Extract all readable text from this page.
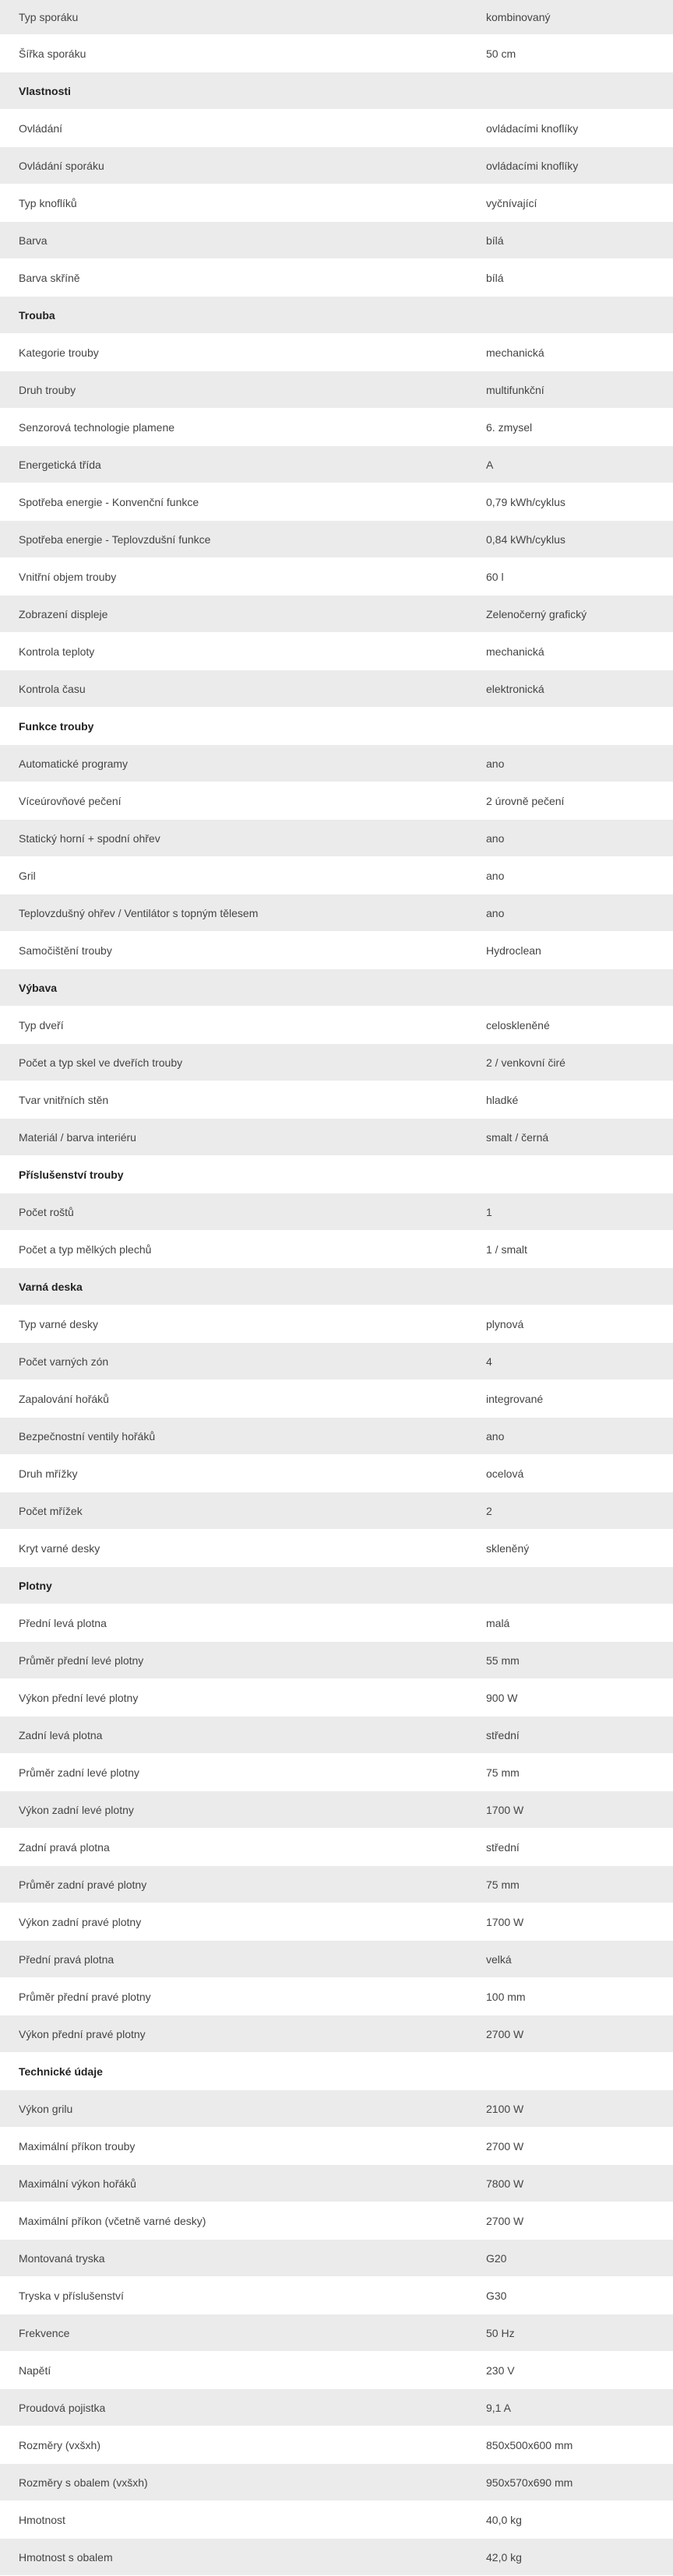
Typ sporáku	kombinovaný
Šířka sporáku	50 cm
Vlastnosti	
Ovládání	ovládacími knoflíky
Ovládání sporáku	ovládacími knoflíky
Typ knoflíků	vyčnívající
Barva	bílá
Barva skříně	bílá
Trouba	
Kategorie trouby	mechanická
Druh trouby	multifunkční
Senzorová technologie plamene	6. zmysel
Energetická třída	A
Spotřeba energie - Konvenční funkce	0,79 kWh/cyklus
Spotřeba energie - Teplovzdušní funkce	0,84 kWh/cyklus
Vnitřní objem trouby	60 l
Zobrazení displeje	Zelenočerný grafický
Kontrola teploty	mechanická
Kontrola času	elektronická
Funkce trouby	
Automatické programy	ano
Víceúrovňové pečení	2 úrovně pečení
Statický horní + spodní ohřev	ano
Gril	ano
Teplovzdušný ohřev / Ventilátor s topným tělesem	ano
Samočištění trouby	Hydroclean
Výbava	
Typ dveří	celoskleněné
Počet a typ skel ve dveřích trouby	2 / venkovní čiré
Tvar vnitřních stěn	hladké
Materiál / barva interiéru	smalt / černá
Příslušenství trouby	
Počet roštů	1
Počet a typ mělkých plechů	1 / smalt
Varná deska	
Typ varné desky	plynová
Počet varných zón	4
Zapalování hořáků	integrované
Bezpečnostní ventily hořáků	ano
Druh mřížky	ocelová
Počet mřížek	2
Kryt varné desky	skleněný
Plotny	
Přední levá plotna	malá
Průměr přední levé plotny	55 mm
Výkon přední levé plotny	900 W
Zadní levá plotna	střední
Průměr zadní levé plotny	75 mm
Výkon zadní levé plotny	1700 W
Zadní pravá plotna	střední
Průměr zadní pravé plotny	75 mm
Výkon zadní pravé plotny	1700 W
Přední pravá plotna	velká
Průměr přední pravé plotny	100 mm
Výkon přední pravé plotny	2700 W
Technické údaje	
Výkon grilu	2100 W
Maximální příkon trouby	2700 W
Maximální výkon hořáků	7800 W
Maximální příkon (včetně varné desky)	2700 W
Montovaná tryska	G20
Tryska v příslušenství	G30
Frekvence	50 Hz
Napětí	230 V
Proudová pojistka	9,1 A
Rozměry (vxšxh)	850x500x600 mm
Rozměry s obalem (vxšxh)	950x570x690 mm
Hmotnost	40,0 kg
Hmotnost s obalem	42,0 kg
